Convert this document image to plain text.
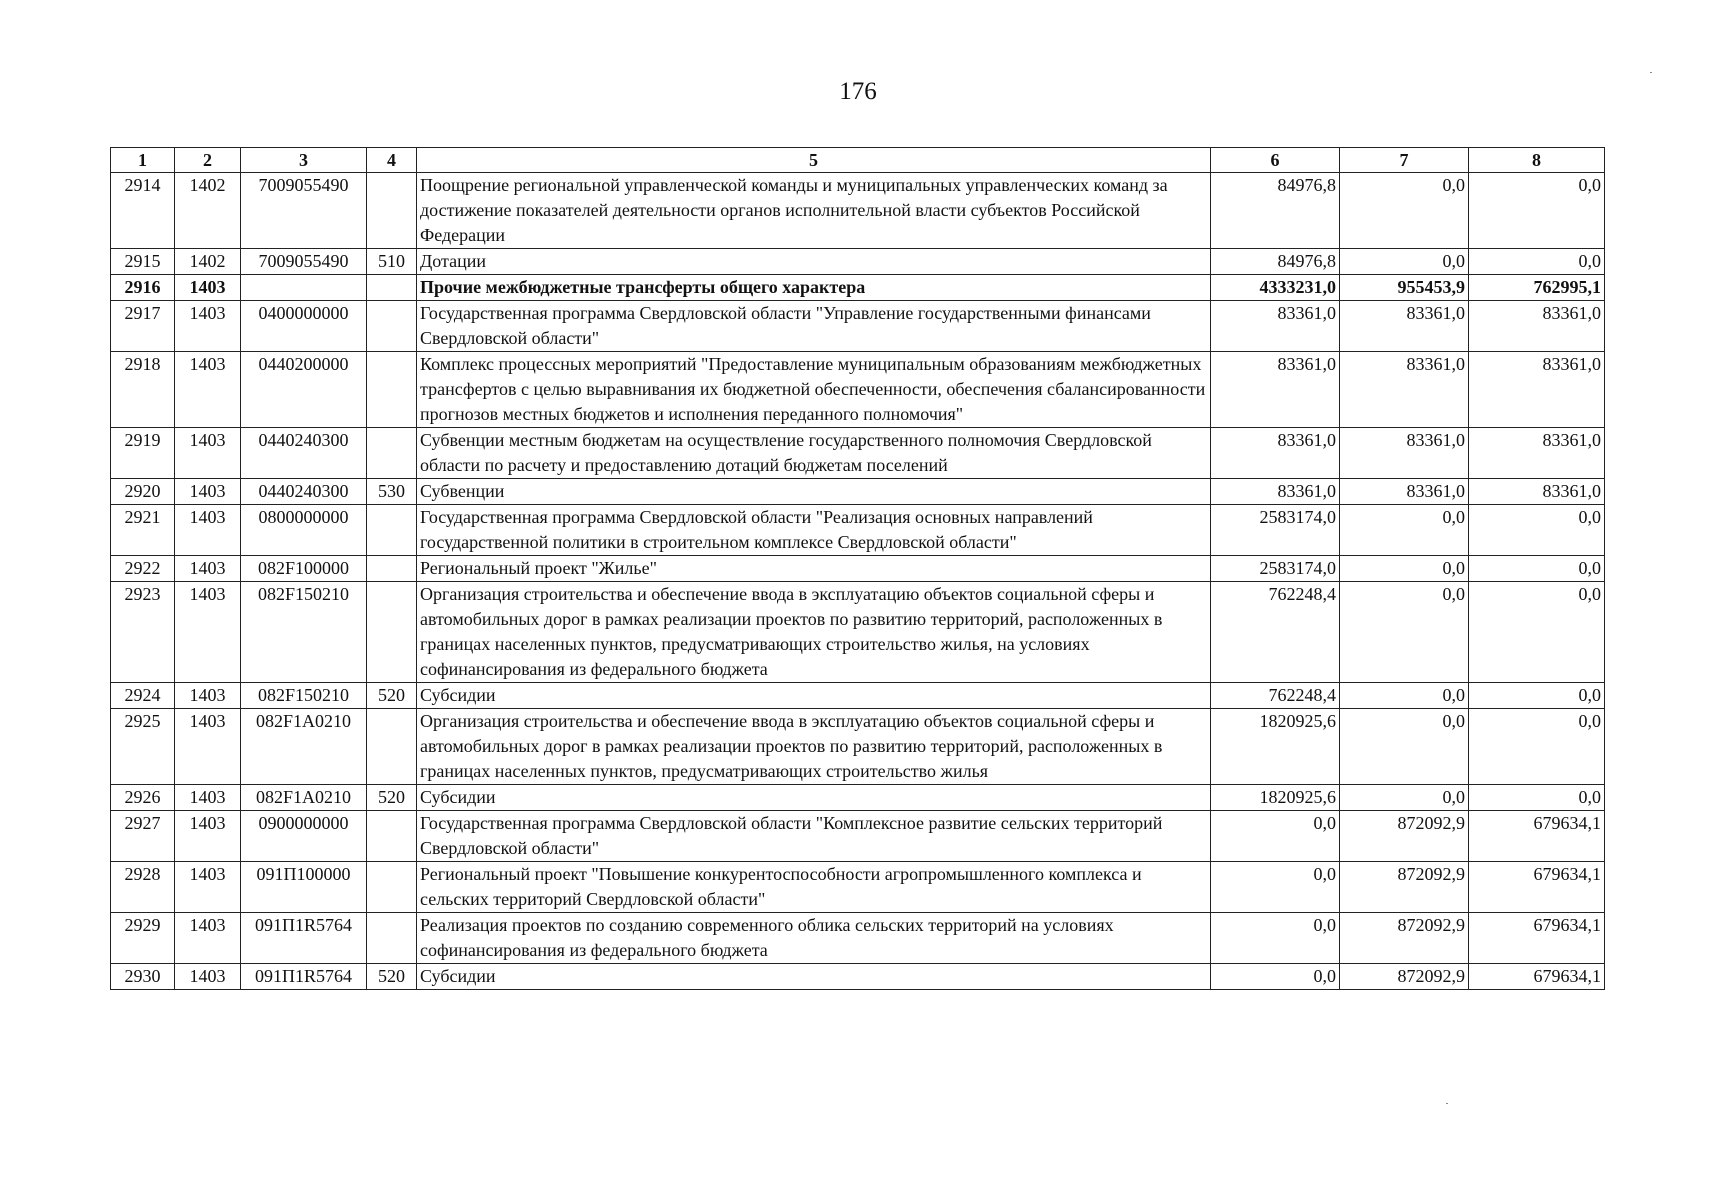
176
1	2	3	4	5	6	7	8
2914	1402	7009055490		Поощрение региональной управленческой команды и муниципальных управленческих команд за достижение показателей деятельности органов исполнительной власти субъектов Российской Федерации	84976,8	0,0	0,0
2915	1402	7009055490	510	Дотации	84976,8	0,0	0,0
2916	1403			Прочие межбюджетные трансферты общего характера	4333231,0	955453,9	762995,1
2917	1403	0400000000		Государственная программа Свердловской области "Управление государственными финансами Свердловской области"	83361,0	83361,0	83361,0
2918	1403	0440200000		Комплекс процессных мероприятий "Предоставление муниципальным образованиям межбюджетных трансфертов с целью выравнивания их бюджетной обеспеченности, обеспечения сбалансированности прогнозов местных бюджетов и исполнения переданного полномочия"	83361,0	83361,0	83361,0
2919	1403	0440240300		Субвенции местным бюджетам на осуществление государственного полномочия Свердловской области по расчету и предоставлению дотаций бюджетам поселений	83361,0	83361,0	83361,0
2920	1403	0440240300	530	Субвенции	83361,0	83361,0	83361,0
2921	1403	0800000000		Государственная программа Свердловской области "Реализация основных направлений государственной политики в строительном комплексе Свердловской области"	2583174,0	0,0	0,0
2922	1403	082F100000		Региональный проект "Жилье"	2583174,0	0,0	0,0
2923	1403	082F150210		Организация строительства и обеспечение ввода в эксплуатацию объектов социальной сферы и автомобильных дорог в рамках реализации проектов по развитию территорий, расположенных в границах населенных пунктов, предусматривающих строительство жилья, на условиях софинансирования из федерального бюджета	762248,4	0,0	0,0
2924	1403	082F150210	520	Субсидии	762248,4	0,0	0,0
2925	1403	082F1A0210		Организация строительства и обеспечение ввода в эксплуатацию объектов социальной сферы и автомобильных дорог в рамках реализации проектов по развитию территорий, расположенных в границах населенных пунктов, предусматривающих строительство жилья	1820925,6	0,0	0,0
2926	1403	082F1A0210	520	Субсидии	1820925,6	0,0	0,0
2927	1403	0900000000		Государственная программа Свердловской области "Комплексное развитие сельских территорий Свердловской области"	0,0	872092,9	679634,1
2928	1403	091П100000		Региональный проект "Повышение конкурентоспособности агропромышленного комплекса и сельских территорий Свердловской области"	0,0	872092,9	679634,1
2929	1403	091П1R5764		Реализация проектов по созданию современного облика сельских территорий на условиях софинансирования из федерального бюджета	0,0	872092,9	679634,1
2930	1403	091П1R5764	520	Субсидии	0,0	872092,9	679634,1
